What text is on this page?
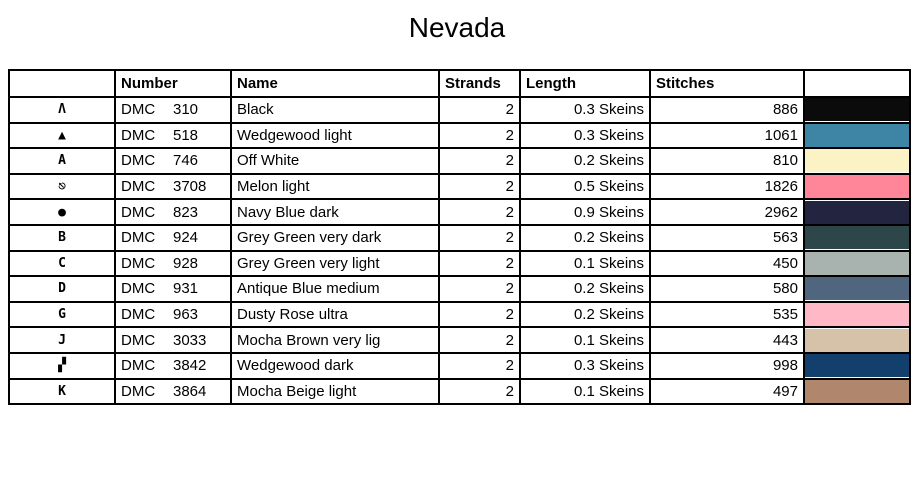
Nevada
	Number	Name	Strands	Length	Stitches	
Λ	DMC 310	Black	2	0.3 Skeins	886	

▲	DMC 518	Wedgewood light	2	0.3 Skeins	1061	

A	DMC 746	Off White	2	0.2 Skeins	810	

⎋	DMC 3708	Melon light	2	0.5 Skeins	1826	

●	DMC 823	Navy Blue dark	2	0.9 Skeins	2962	

B	DMC 924	Grey Green very dark	2	0.2 Skeins	563	

C	DMC 928	Grey Green very light	2	0.1 Skeins	450	

D	DMC 931	Antique Blue medium	2	0.2 Skeins	580	

G	DMC 963	Dusty Rose ultra	2	0.2 Skeins	535	

J	DMC 3033	Mocha Brown very lig	2	0.1 Skeins	443	

▞	DMC 3842	Wedgewood dark	2	0.3 Skeins	998	

K	DMC 3864	Mocha Beige light	2	0.1 Skeins	497	
